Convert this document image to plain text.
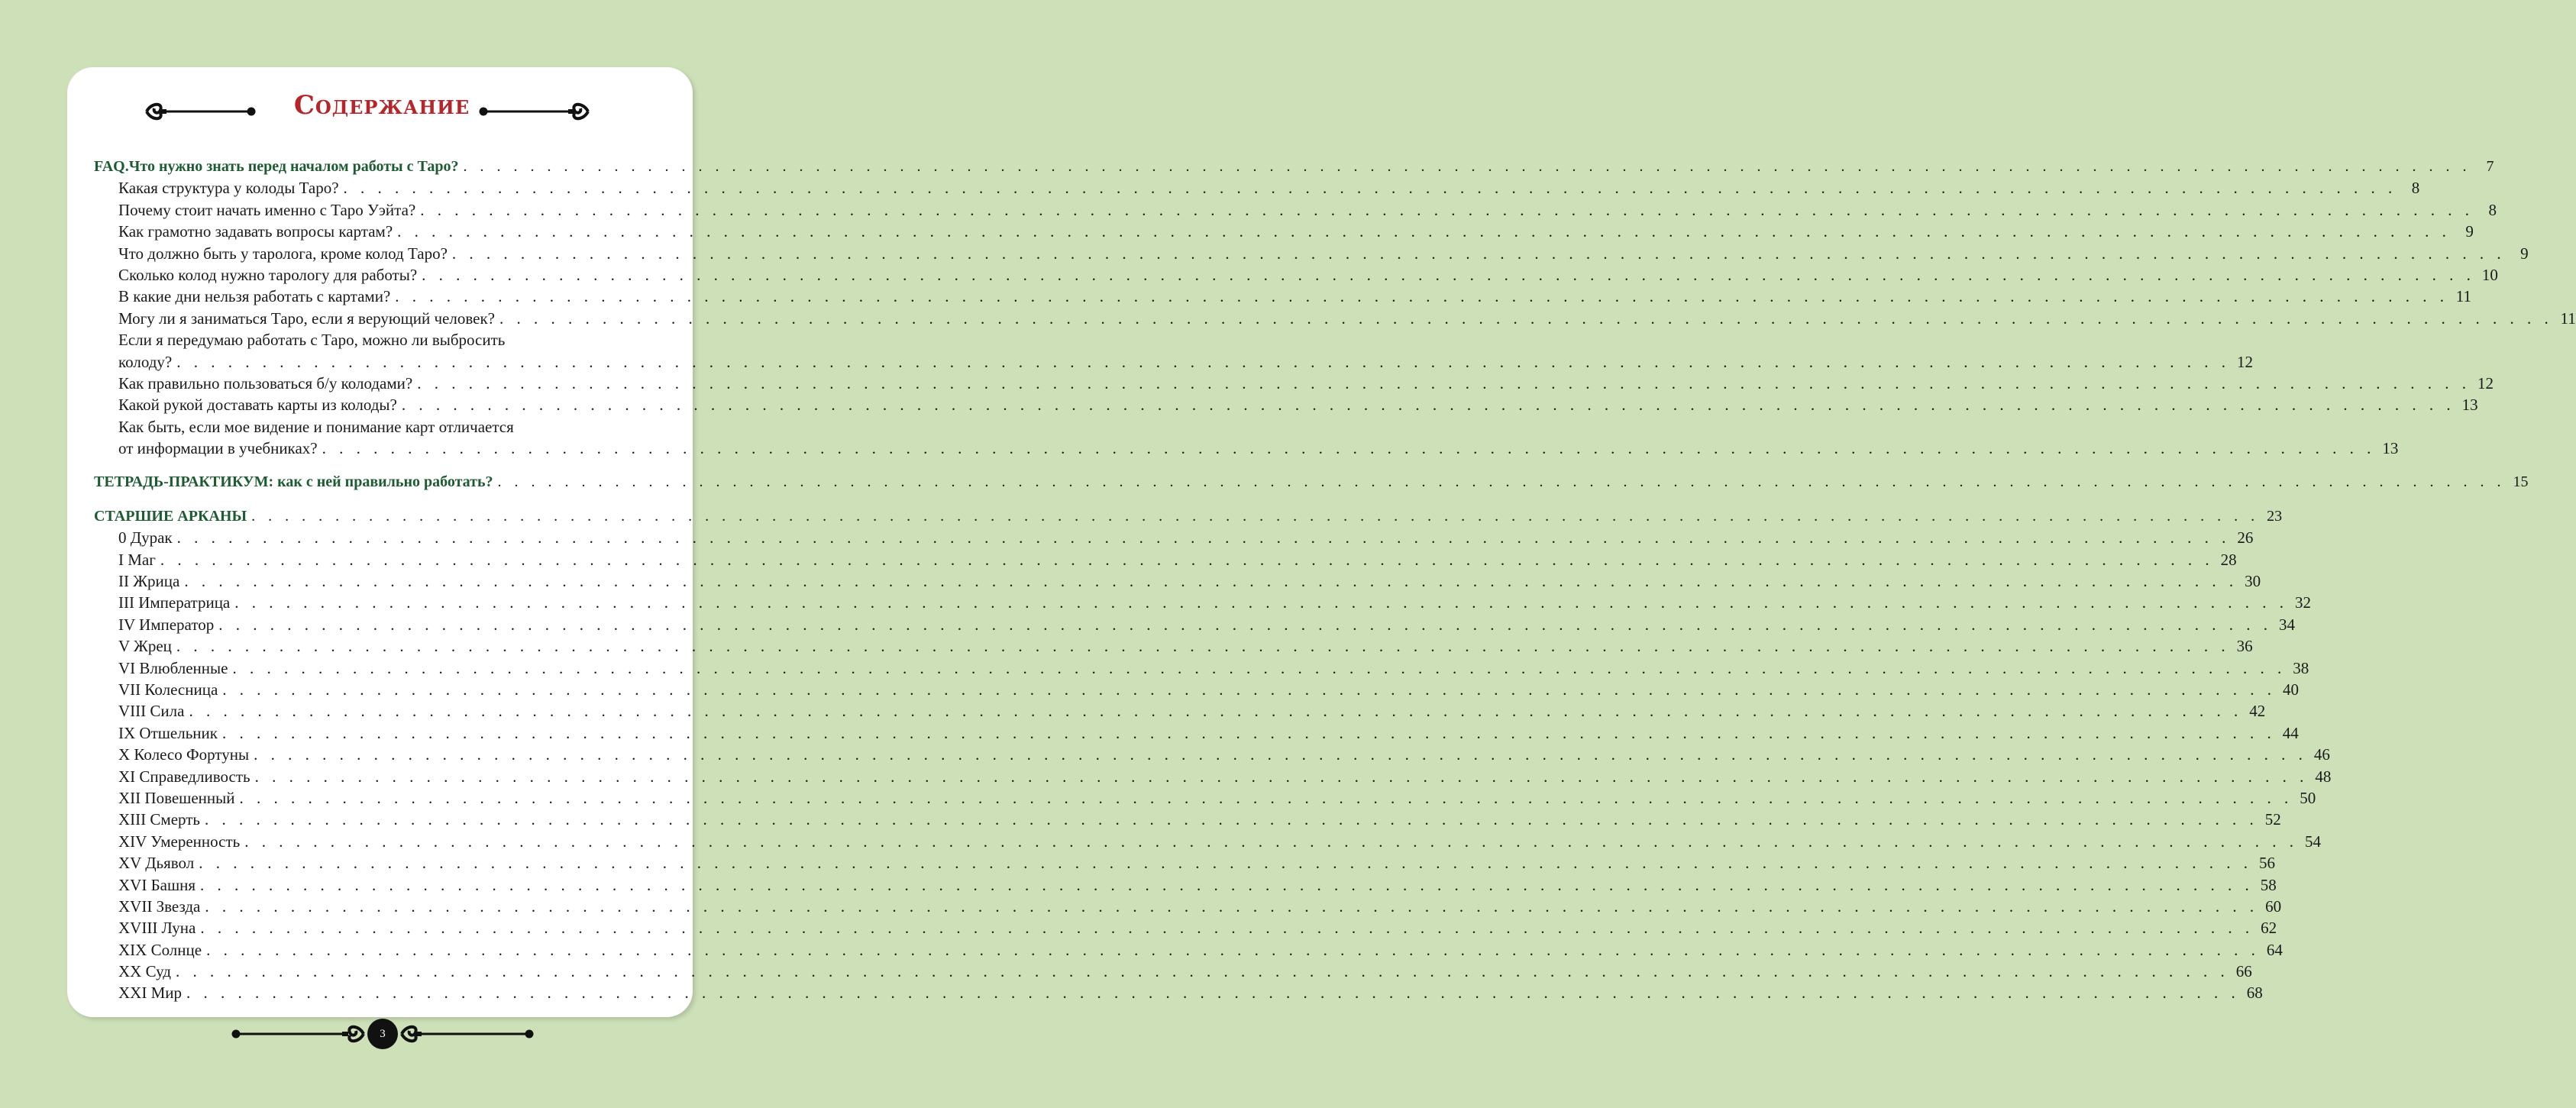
Содержание
FAQ.Что нужно знать перед началом работы с Таро? . . . . . . . . . . . . . . . . . . . . . . . . . . . . . . . . . . . . . . . . . . . . . . . . . . . . . . . . . . . . . . . . . . . . . . . . . . . . . . . . . . . . . . . . . . . . . . . . . . . . . . . . . . . . . . . . . . . . . . . .	7
Какая структура у колоды Таро? . . . . . . . . . . . . . . . . . . . . . . . . . . . . . . . . . . . . . . . . . . . . . . . . . . . . . . . . . . . . . . . . . . . . . . . . . . . . . . . . . . . . . . . . . . . . . . . . . . . . . . . . . . . . . . . . . . . . . . . . 8
Почему стоит начать именно с Таро Уэйта? . . . . . . . . . . . . . . . . . . . . . . . . . . . . . . . . . . . . . . . . . . . . . . . . . . . . . . . . . . . . . . . . . . . . . . . . . . . . . . . . . . . . . . . . . . . . . . . . . . . . . . . . . . . . . . . . . . . . . . . . 8
Как грамотно задавать вопросы картам? . . . . . . . . . . . . . . . . . . . . . . . . . . . . . . . . . . . . . . . . . . . . . . . . . . . . . . . . . . . . . . . . . . . . . . . . . . . . . . . . . . . . . . . . . . . . . . . . . . . . . . . . . . . . . . . . . . . . . . . . 9
Что должно быть у таролога, кроме колод Таро? . . . . . . . . . . . . . . . . . . . . . . . . . . . . . . . . . . . . . . . . . . . . . . . . . . . . . . . . . . . . . . . . . . . . . . . . . . . . . . . . . . . . . . . . . . . . . . . . . . . . . . . . . . . . . . . . . . . . . . . . 9
Сколько колод нужно тарологу для работы? . . . . . . . . . . . . . . . . . . . . . . . . . . . . . . . . . . . . . . . . . . . . . . . . . . . . . . . . . . . . . . . . . . . . . . . . . . . . . . . . . . . . . . . . . . . . . . . . . . . . . . . . . . . . . . . . . . . . . . . . 10
В какие дни нельзя работать с картами? . . . . . . . . . . . . . . . . . . . . . . . . . . . . . . . . . . . . . . . . . . . . . . . . . . . . . . . . . . . . . . . . . . . . . . . . . . . . . . . . . . . . . . . . . . . . . . . . . . . . . . . . . . . . . . . . . . . . . . . . 11
Могу ли я заниматься Таро, если я верующий человек? . . . . . . . . . . . . . . . . . . . . . . . . . . . . . . . . . . . . . . . . . . . . . . . . . . . . . . . . . . . . . . . . . . . . . . . . . . . . . . . . . . . . . . . . . . . . . . . . . . . . . . . . . . . . . . . . . . . . . . . . 11
Если я передумаю работать с Таро, можно ли выбросить
колоду? . . . . . . . . . . . . . . . . . . . . . . . . . . . . . . . . . . . . . . . . . . . . . . . . . . . . . . . . . . . . . . . . . . . . . . . . . . . . . . . . . . . . . . . . . . . . . . . . . . . . . . . . . . . . . . . . . . . . . . . . 12
Как правильно пользоваться б/у колодами? . . . . . . . . . . . . . . . . . . . . . . . . . . . . . . . . . . . . . . . . . . . . . . . . . . . . . . . . . . . . . . . . . . . . . . . . . . . . . . . . . . . . . . . . . . . . . . . . . . . . . . . . . . . . . . . . . . . . . . . . 12
Какой рукой доставать карты из колоды? . . . . . . . . . . . . . . . . . . . . . . . . . . . . . . . . . . . . . . . . . . . . . . . . . . . . . . . . . . . . . . . . . . . . . . . . . . . . . . . . . . . . . . . . . . . . . . . . . . . . . . . . . . . . . . . . . . . . . . . . 13
Как быть, если мое видение и понимание карт отличается
от информации в учебниках? . . . . . . . . . . . . . . . . . . . . . . . . . . . . . . . . . . . . . . . . . . . . . . . . . . . . . . . . . . . . . . . . . . . . . . . . . . . . . . . . . . . . . . . . . . . . . . . . . . . . . . . . . . . . . . . . . . . . . . . . 13
ТЕТРАДЬ-ПРАКТИКУМ: как с ней правильно работать? . . . . . . . . . . . . . . . . . . . . . . . . . . . . . . . . . . . . . . . . . . . . . . . . . . . . . . . . . . . . . . . . . . . . . . . . . . . . . . . . . . . . . . . . . . . . . . . . . . . . . . . . . . . . . . . . . . . . . . . . 15
СТАРШИЕ АРКАНЫ . . . . . . . . . . . . . . . . . . . . . . . . . . . . . . . . . . . . . . . . . . . . . . . . . . . . . . . . . . . . . . . . . . . . . . . . . . . . . . . . . . . . . . . . . . . . . . . . . . . . . . . . . . . . . . . . . . . . . . . . 23
0 Дурак . . . . . . . . . . . . . . . . . . . . . . . . . . . . . . . . . . . . . . . . . . . . . . . . . . . . . . . . . . . . . . . . . . . . . . . . . . . . . . . . . . . . . . . . . . . . . . . . . . . . . . . . . . . . . . . . . . . . . . . . 26
I Маг . . . . . . . . . . . . . . . . . . . . . . . . . . . . . . . . . . . . . . . . . . . . . . . . . . . . . . . . . . . . . . . . . . . . . . . . . . . . . . . . . . . . . . . . . . . . . . . . . . . . . . . . . . . . . . . . . . . . . . . . 28
II Жрица . . . . . . . . . . . . . . . . . . . . . . . . . . . . . . . . . . . . . . . . . . . . . . . . . . . . . . . . . . . . . . . . . . . . . . . . . . . . . . . . . . . . . . . . . . . . . . . . . . . . . . . . . . . . . . . . . . . . . . . . 30
III Императрица . . . . . . . . . . . . . . . . . . . . . . . . . . . . . . . . . . . . . . . . . . . . . . . . . . . . . . . . . . . . . . . . . . . . . . . . . . . . . . . . . . . . . . . . . . . . . . . . . . . . . . . . . . . . . . . . . . . . . . . . 32
IV Император . . . . . . . . . . . . . . . . . . . . . . . . . . . . . . . . . . . . . . . . . . . . . . . . . . . . . . . . . . . . . . . . . . . . . . . . . . . . . . . . . . . . . . . . . . . . . . . . . . . . . . . . . . . . . . . . . . . . . . . . 34
V Жрец . . . . . . . . . . . . . . . . . . . . . . . . . . . . . . . . . . . . . . . . . . . . . . . . . . . . . . . . . . . . . . . . . . . . . . . . . . . . . . . . . . . . . . . . . . . . . . . . . . . . . . . . . . . . . . . . . . . . . . . . 36
VI Влюбленные . . . . . . . . . . . . . . . . . . . . . . . . . . . . . . . . . . . . . . . . . . . . . . . . . . . . . . . . . . . . . . . . . . . . . . . . . . . . . . . . . . . . . . . . . . . . . . . . . . . . . . . . . . . . . . . . . . . . . . . . 38
VII Колесница . . . . . . . . . . . . . . . . . . . . . . . . . . . . . . . . . . . . . . . . . . . . . . . . . . . . . . . . . . . . . . . . . . . . . . . . . . . . . . . . . . . . . . . . . . . . . . . . . . . . . . . . . . . . . . . . . . . . . . . . 40
VIII Сила . . . . . . . . . . . . . . . . . . . . . . . . . . . . . . . . . . . . . . . . . . . . . . . . . . . . . . . . . . . . . . . . . . . . . . . . . . . . . . . . . . . . . . . . . . . . . . . . . . . . . . . . . . . . . . . . . . . . . . . . 42
IX Отшельник . . . . . . . . . . . . . . . . . . . . . . . . . . . . . . . . . . . . . . . . . . . . . . . . . . . . . . . . . . . . . . . . . . . . . . . . . . . . . . . . . . . . . . . . . . . . . . . . . . . . . . . . . . . . . . . . . . . . . . . . 44
X Колесо Фортуны . . . . . . . . . . . . . . . . . . . . . . . . . . . . . . . . . . . . . . . . . . . . . . . . . . . . . . . . . . . . . . . . . . . . . . . . . . . . . . . . . . . . . . . . . . . . . . . . . . . . . . . . . . . . . . . . . . . . . . . . 46
XI Справедливость . . . . . . . . . . . . . . . . . . . . . . . . . . . . . . . . . . . . . . . . . . . . . . . . . . . . . . . . . . . . . . . . . . . . . . . . . . . . . . . . . . . . . . . . . . . . . . . . . . . . . . . . . . . . . . . . . . . . . . . . 48
XII Повешенный . . . . . . . . . . . . . . . . . . . . . . . . . . . . . . . . . . . . . . . . . . . . . . . . . . . . . . . . . . . . . . . . . . . . . . . . . . . . . . . . . . . . . . . . . . . . . . . . . . . . . . . . . . . . . . . . . . . . . . . . 50
XIII Смерть . . . . . . . . . . . . . . . . . . . . . . . . . . . . . . . . . . . . . . . . . . . . . . . . . . . . . . . . . . . . . . . . . . . . . . . . . . . . . . . . . . . . . . . . . . . . . . . . . . . . . . . . . . . . . . . . . . . . . . . . 52
XIV Умеренность . . . . . . . . . . . . . . . . . . . . . . . . . . . . . . . . . . . . . . . . . . . . . . . . . . . . . . . . . . . . . . . . . . . . . . . . . . . . . . . . . . . . . . . . . . . . . . . . . . . . . . . . . . . . . . . . . . . . . . . . 54
XV Дьявол . . . . . . . . . . . . . . . . . . . . . . . . . . . . . . . . . . . . . . . . . . . . . . . . . . . . . . . . . . . . . . . . . . . . . . . . . . . . . . . . . . . . . . . . . . . . . . . . . . . . . . . . . . . . . . . . . . . . . . . . 56
XVI Башня . . . . . . . . . . . . . . . . . . . . . . . . . . . . . . . . . . . . . . . . . . . . . . . . . . . . . . . . . . . . . . . . . . . . . . . . . . . . . . . . . . . . . . . . . . . . . . . . . . . . . . . . . . . . . . . . . . . . . . . . 58
XVII Звезда . . . . . . . . . . . . . . . . . . . . . . . . . . . . . . . . . . . . . . . . . . . . . . . . . . . . . . . . . . . . . . . . . . . . . . . . . . . . . . . . . . . . . . . . . . . . . . . . . . . . . . . . . . . . . . . . . . . . . . . . 60
XVIII Луна . . . . . . . . . . . . . . . . . . . . . . . . . . . . . . . . . . . . . . . . . . . . . . . . . . . . . . . . . . . . . . . . . . . . . . . . . . . . . . . . . . . . . . . . . . . . . . . . . . . . . . . . . . . . . . . . . . . . . . . . 62
XIX Солнце . . . . . . . . . . . . . . . . . . . . . . . . . . . . . . . . . . . . . . . . . . . . . . . . . . . . . . . . . . . . . . . . . . . . . . . . . . . . . . . . . . . . . . . . . . . . . . . . . . . . . . . . . . . . . . . . . . . . . . . . 64
XX Суд . . . . . . . . . . . . . . . . . . . . . . . . . . . . . . . . . . . . . . . . . . . . . . . . . . . . . . . . . . . . . . . . . . . . . . . . . . . . . . . . . . . . . . . . . . . . . . . . . . . . . . . . . . . . . . . . . . . . . . . . 66
XXI Мир . . . . . . . . . . . . . . . . . . . . . . . . . . . . . . . . . . . . . . . . . . . . . . . . . . . . . . . . . . . . . . . . . . . . . . . . . . . . . . . . . . . . . . . . . . . . . . . . . . . . . . . . . . . . . . . . . . . . . . . . 68
3
